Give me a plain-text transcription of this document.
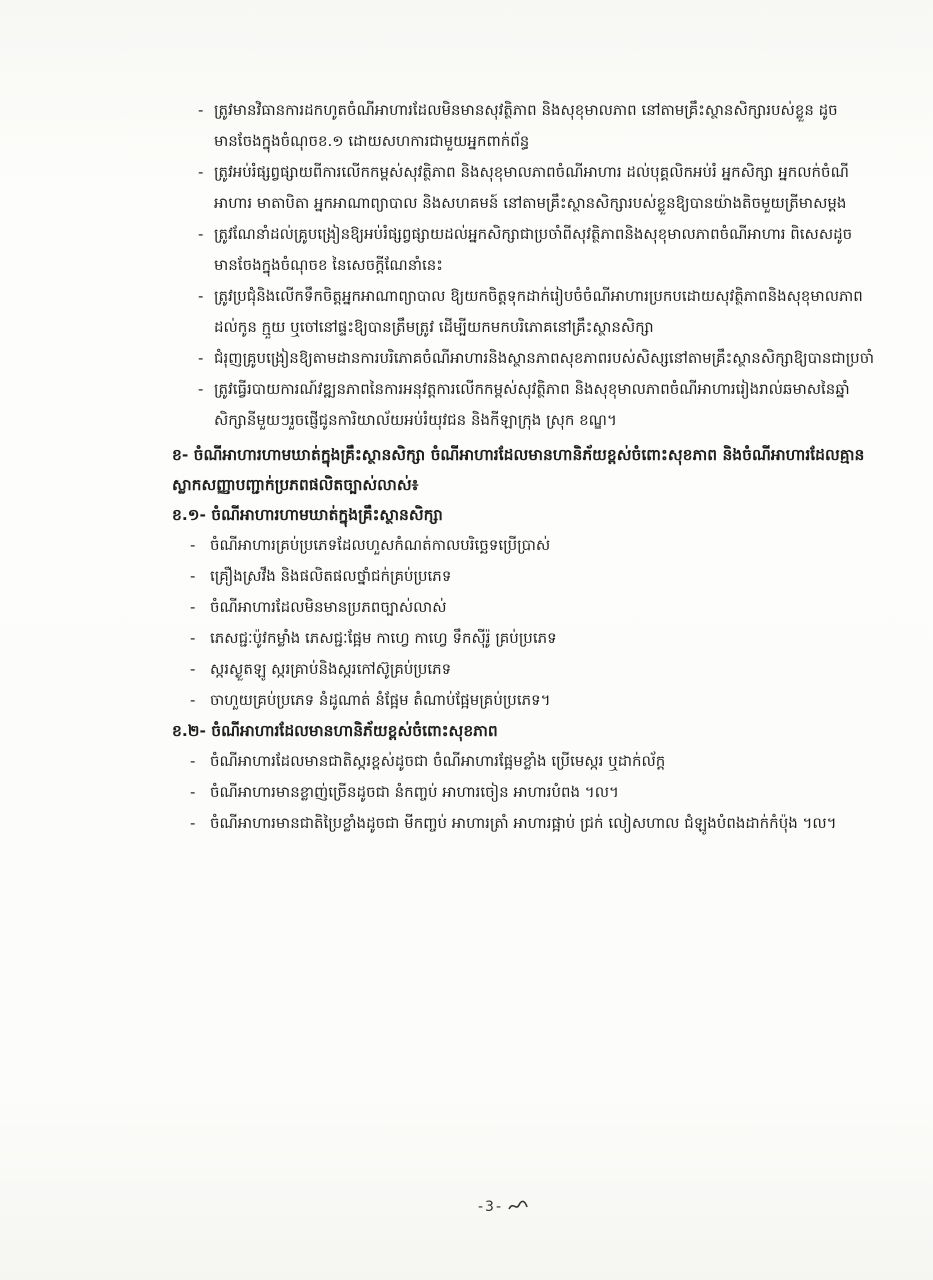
- ត្រូវមានវិធានការដកហូតចំណីអាហារដែលមិនមានសុវត្ថិភាព និងសុខុមាលភាព នៅតាមគ្រឹះស្ថានសិក្សារបស់ខ្លួន ដូចមានចែងក្នុងចំណុចខ.១ ដោយសហការជាមួយអ្នកពាក់ព័ន្ធ

- ត្រូវអប់រំផ្សព្វផ្សាយពីការលើកកម្ពស់សុវត្ថិភាព និងសុខុមាលភាពចំណីអាហារ ដល់បុគ្គលិកអប់រំ អ្នកសិក្សា អ្នកលក់ចំណីអាហារ មាតាបិតា អ្នកអាណាព្យាបាល និងសហគមន៍ នៅតាមគ្រឹះស្ថានសិក្សារបស់ខ្លួនឱ្យបានយ៉ាងតិចមួយត្រីមាសម្ដង

- ត្រូវណែនាំដល់គ្រូបង្រៀនឱ្យអប់រំផ្សព្វផ្សាយដល់អ្នកសិក្សាជាប្រចាំពីសុវត្ថិភាពនិងសុខុមាលភាពចំណីអាហារ ពិសេសដូចមានចែងក្នុងចំណុចខ នៃសេចក្ដីណែនាំនេះ

- ត្រូវប្រជុំនិងលើកទឹកចិត្តអ្នកអាណាព្យាបាល ឱ្យយកចិត្តទុកដាក់រៀបចំចំណីអាហារប្រកបដោយសុវត្ថិភាពនិងសុខុមាលភាពដល់កូន ក្មួយ ឬចៅនៅផ្ទះឱ្យបានត្រឹមត្រូវ ដើម្បីយកមកបរិភោគនៅគ្រឹះស្ថានសិក្សា

- ជំរុញគ្រូបង្រៀនឱ្យតាមដានការបរិភោគចំណីអាហារនិងស្ថានភាពសុខភាពរបស់សិស្សនៅតាមគ្រឹះស្ថានសិក្សាឱ្យបានជាប្រចាំ

- ត្រូវធ្វើរបាយការណ៍វឌ្ឍនភាពនៃការអនុវត្តការលើកកម្ពស់សុវត្ថិភាព និងសុខុមាលភាពចំណីអាហាររៀងរាល់ឆមាសនៃឆ្នាំសិក្សានីមួយៗរួចផ្ញើជូនការិយាល័យអប់រំយុវជន និងកីឡាក្រុង ស្រុក ខណ្ឌ។

ខ- ចំណីអាហារហាមឃាត់ក្នុងគ្រឹះស្ថានសិក្សា ចំណីអាហារដែលមានហានិភ័យខ្ពស់ចំពោះសុខភាព និងចំណីអាហារដែលគ្មានស្លាកសញ្ញាបញ្ជាក់ប្រភពផលិតច្បាស់លាស់៖
ខ.១- ចំណីអាហារហាមឃាត់ក្នុងគ្រឹះស្ថានសិក្សា

- ចំណីអាហារគ្រប់ប្រភេទដែលហួសកំណត់កាលបរិច្ឆេទប្រើប្រាស់

- គ្រឿងស្រវឹង និងផលិតផលថ្នាំជក់គ្រប់ប្រភេទ

- ចំណីអាហារដែលមិនមានប្រភពច្បាស់លាស់

- ភេសជ្ជៈប៉ូវកម្លាំង ភេសជ្ជៈផ្អែម កាហ្វេ កាហ្វេ ទឹកស៊ីរ៉ូ គ្រប់ប្រភេទ

- ស្ករស្ងួតឡូ ស្ករគ្រាប់និងស្ករកៅស៊ូគ្រប់ប្រភេទ

- ចាហួយគ្រប់ប្រភេទ នំដូណាត់ នំផ្អែម តំណាប់ផ្អែមគ្រប់ប្រភេទ។

ខ.២- ចំណីអាហារដែលមានហានិភ័យខ្ពស់ចំពោះសុខភាព

- ចំណីអាហារដែលមានជាតិស្ករខ្ពស់ដូចជា ចំណីអាហារផ្អែមខ្លាំង ប្រើមេស្ករ ឬដាក់ល័ក្ត

- ចំណីអាហារមានខ្លាញ់ច្រើនដូចជា នំកញ្ចប់ អាហារចៀន អាហារបំពង ។ល។

- ចំណីអាហារមានជាតិប្រៃខ្លាំងដូចជា មីកញ្ចប់ អាហារត្រាំ អាហារផ្អាប់ ជ្រក់ លៀសហាល ជំឡូងបំពងដាក់កំប៉ុង ។ល។

-3-
